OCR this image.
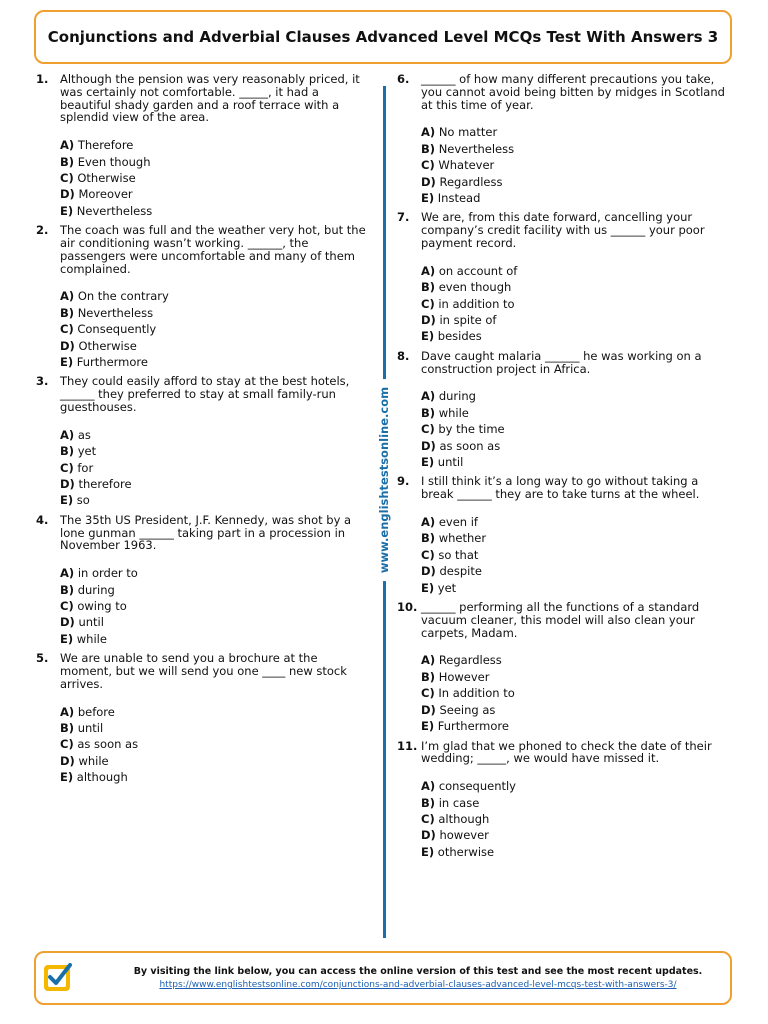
Conjunctions and Adverbial Clauses Advanced Level MCQs Test With Answers 3
www.englishtestsonline.com
1.	Although the pension was very reasonably priced, it was certainly not comfortable. _____, it had a beautiful shady garden and a roof terrace with a splendid view of the area.
A) Therefore
B) Even though
C) Otherwise
D) Moreover
E) Nevertheless
2.	The coach was full and the weather very hot, but the air conditioning wasn’t working. ______, the passengers were uncomfortable and many of them complained.
A) On the contrary
B) Nevertheless
C) Consequently
D) Otherwise
E) Furthermore
3.	They could easily afford to stay at the best hotels, ______ they preferred to stay at small family-run guesthouses.
A) as
B) yet
C) for
D) therefore
E) so
4.	The 35th US President, J.F. Kennedy, was shot by a lone gunman ______ taking part in a procession in November 1963.
A) in order to
B) during
C) owing to
D) until
E) while
5.	We are unable to send you a brochure at the moment, but we will send you one ____ new stock arrives.
A) before
B) until
C) as soon as
D) while
E) although
6.	______ of how many different precautions you take, you cannot avoid being bitten by midges in Scotland at this time of year.
A) No matter
B) Nevertheless
C) Whatever
D) Regardless
E) Instead
7.	We are, from this date forward, cancelling your company’s credit facility with us ______ your poor payment record.
A) on account of
B) even though
C) in addition to
D) in spite of
E) besides
8.	Dave caught malaria ______ he was working on a construction project in Africa.
A) during
B) while
C) by the time
D) as soon as
E) until
9.	I still think it’s a long way to go without taking a break ______ they are to take turns at the wheel.
A) even if
B) whether
C) so that
D) despite
E) yet
10. ______ performing all the functions of a standard vacuum cleaner, this model will also clean your carpets, Madam.
A) Regardless
B) However
C) In addition to
D) Seeing as
E) Furthermore
11. I’m glad that we phoned to check the date of their wedding; _____, we would have missed it.
A) consequently
B) in case
C) although
D) however
E) otherwise
By visiting the link below, you can access the online version of this test and see the most recent updates.
https://www.englishtestsonline.com/conjunctions-and-adverbial-clauses-advanced-level-mcqs-test-with-answers-3/
